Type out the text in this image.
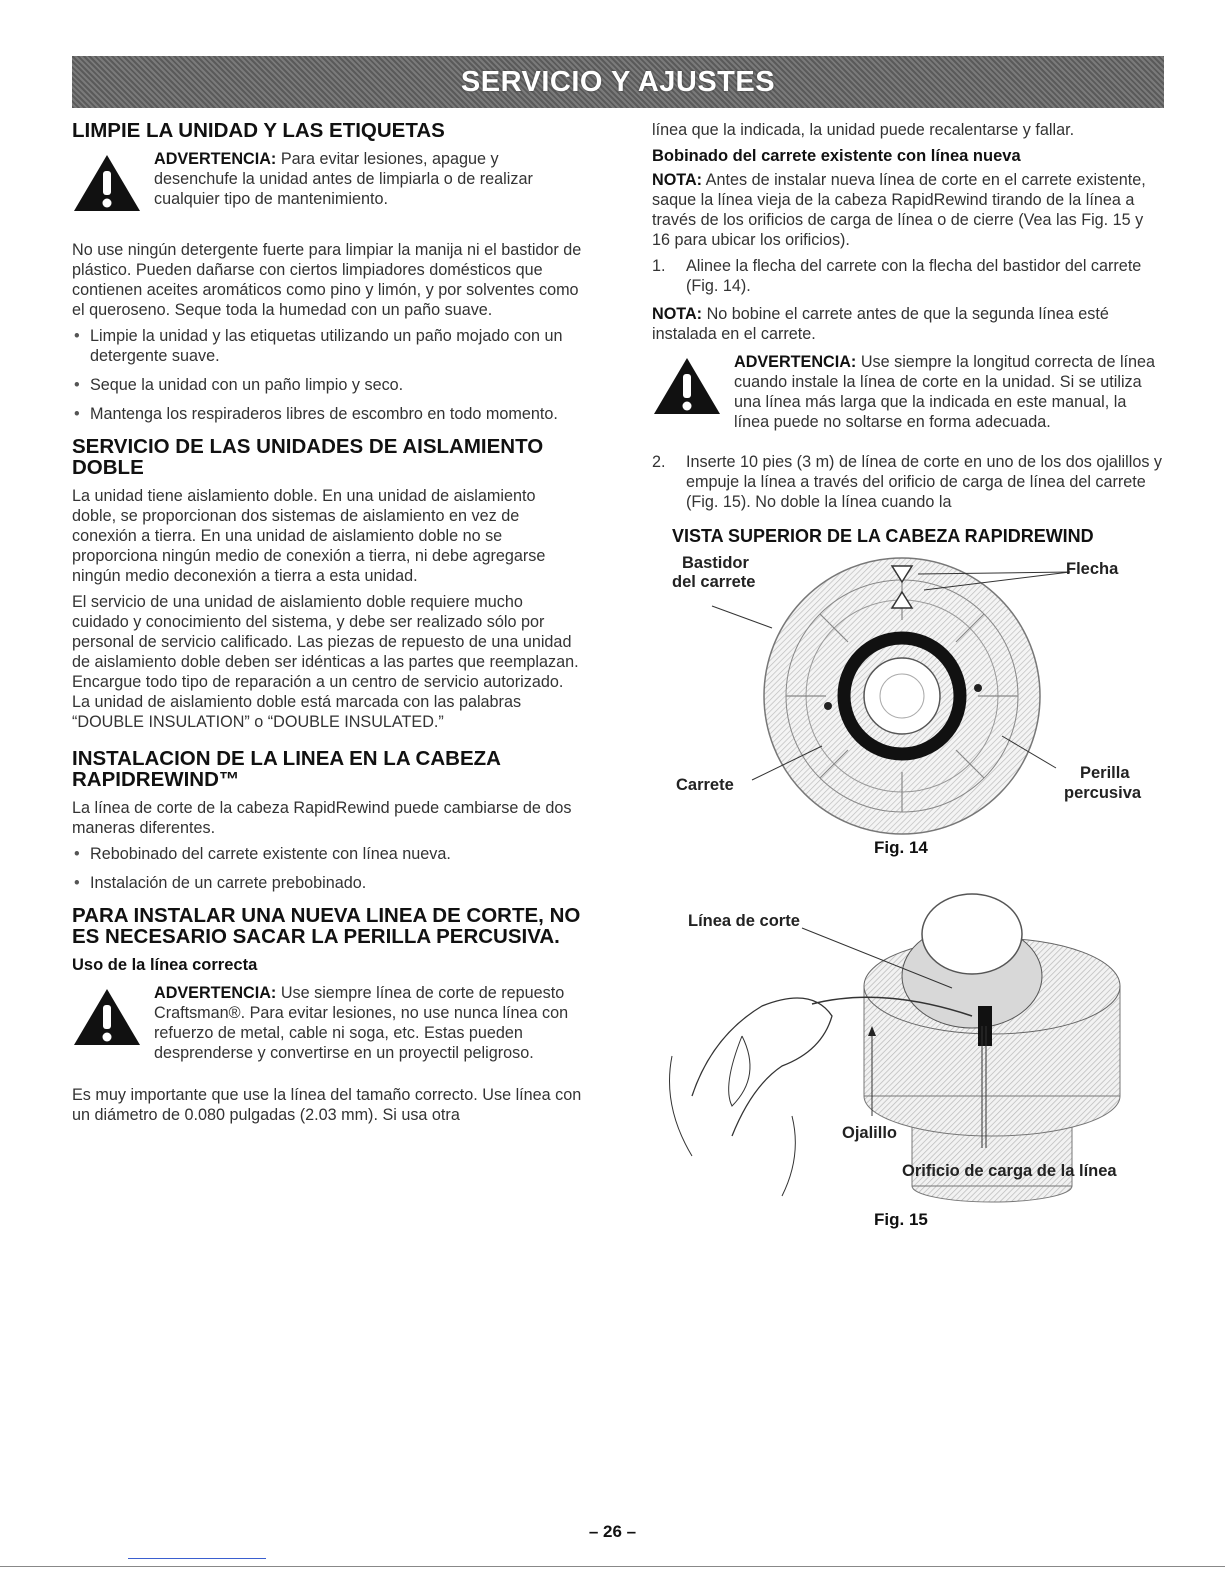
SERVICIO Y AJUSTES
LIMPIE LA UNIDAD Y LAS ETIQUETAS
ADVERTENCIA: Para evitar lesiones, apague y desenchufe la unidad antes de limpiarla o de realizar cualquier tipo de mantenimiento.

No use ningún detergente fuerte para limpiar la manija ni el bastidor de plástico. Pueden dañarse con ciertos limpiadores domésticos que contienen aceites aromáticos como pino y limón, y por solventes como el queroseno. Seque toda la humedad con un paño suave.

• Limpie la unidad y las etiquetas utilizando un paño mojado con un detergente suave.
• Seque la unidad con un paño limpio y seco.
• Mantenga los respiraderos libres de escombro en todo momento.
SERVICIO DE LAS UNIDADES DE AISLAMIENTO DOBLE

La unidad tiene aislamiento doble. En una unidad de aislamiento doble, se proporcionan dos sistemas de aislamiento en vez de conexión a tierra. En una unidad de aislamiento doble no se proporciona ningún medio de conexión a tierra, ni debe agregarse ningún medio deconexión a tierra a esta unidad.

El servicio de una unidad de aislamiento doble requiere mucho cuidado y conocimiento del sistema, y debe ser realizado sólo por personal de servicio calificado. Las piezas de repuesto de una unidad de aislamiento doble deben ser idénticas a las partes que reemplazan. Encargue todo tipo de reparación a un centro de servicio autorizado. La unidad de aislamiento doble está marcada con las palabras “DOUBLE INSULATION” o “DOUBLE INSULATED.”

INSTALACION DE LA LINEA EN LA CABEZA RAPIDREWIND™

La línea de corte de la cabeza RapidRewind puede cambiarse de dos maneras diferentes.

• Rebobinado del carrete existente con línea nueva.
• Instalación de un carrete prebobinado.
PARA INSTALAR UNA NUEVA LINEA DE CORTE, NO ES NECESARIO SACAR LA PERILLA PERCUSIVA.
Uso de la línea correcta
ADVERTENCIA: Use siempre línea de corte de repuesto Craftsman®. Para evitar lesiones, no use nunca línea con refuerzo de metal, cable ni soga, etc. Estas pueden desprenderse y convertirse en un proyectil peligroso.

Es muy importante que use la línea del tamaño correcto. Use línea con un diámetro de 0.080 pulgadas (2.03 mm). Si usa otra

línea que la indicada, la unidad puede recalentarse y fallar.

Bobinado del carrete existente con línea nueva

NOTA: Antes de instalar nueva línea de corte en el carrete existente, saque la línea vieja de la cabeza RapidRewind tirando de la línea a través de los orificios de carga de línea o de cierre (Vea las Fig. 15 y 16 para ubicar los orificios).

1.	Alinee la flecha del carrete con la flecha del bastidor del carrete (Fig. 14).

NOTA: No bobine el carrete antes de que la segunda línea esté instalada en el carrete.

ADVERTENCIA: Use siempre la longitud correcta de línea cuando instale la línea de corte en la unidad. Si se utiliza una línea más larga que la indicada en este manual, la línea puede no soltarse en forma adecuada.
2.	Inserte 10 pies (3 m) de línea de corte en uno de los dos ojalillos y empuje la línea a través del orificio de carga de línea del carrete (Fig. 15). No doble la línea cuando la
VISTA SUPERIOR DE LA CABEZA RAPIDREWIND
Bastidor
del carrete
Flecha
Carrete
Perilla
percusiva
Fig. 14
Línea de corte
Ojalillo
Orificio de carga de la línea
Fig. 15
– 26 –
